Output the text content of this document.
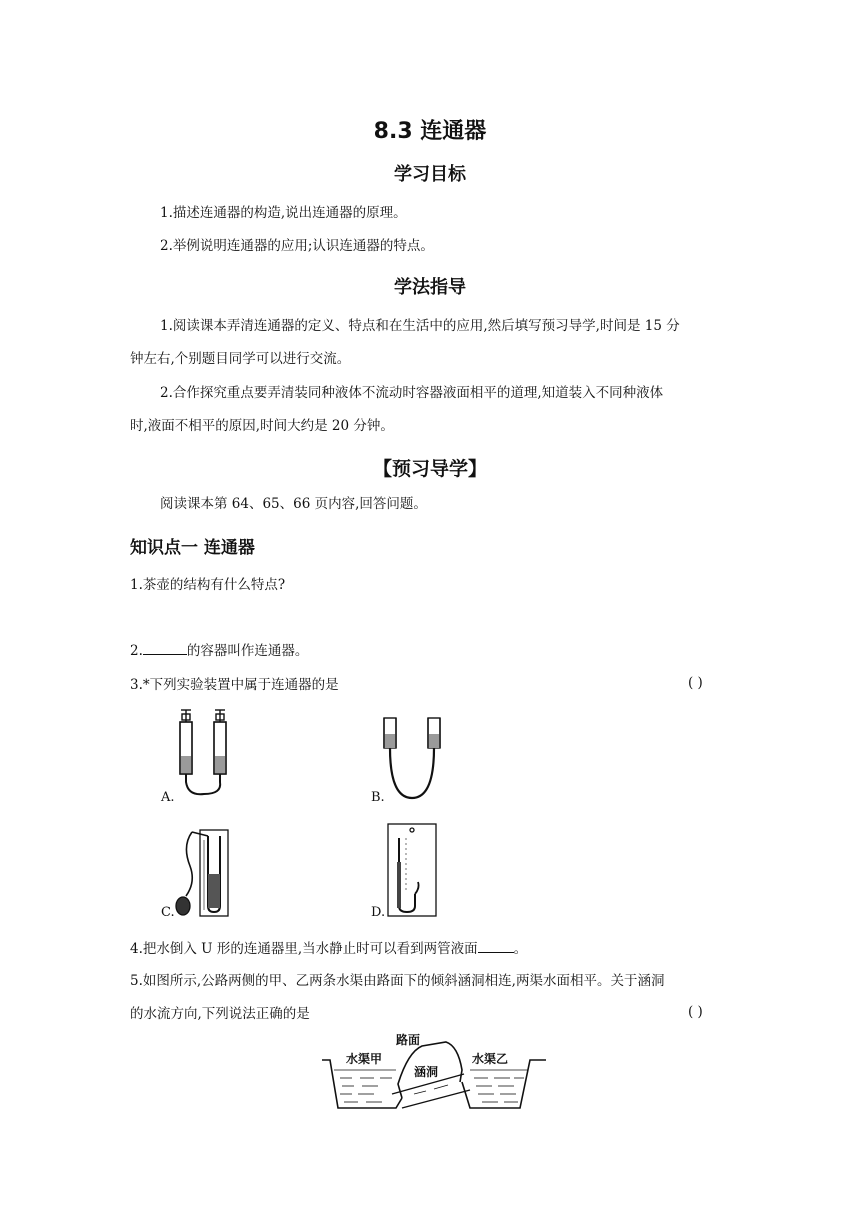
8.3 连通器
学习目标
1.描述连通器的构造,说出连通器的原理。
2.举例说明连通器的应用;认识连通器的特点。
学法指导
1.阅读课本弄清连通器的定义、特点和在生活中的应用,然后填写预习导学,时间是 15 分
钟左右,个别题目同学可以进行交流。
2.合作探究重点要弄清装同种液体不流动时容器液面相平的道理,知道装入不同种液体
时,液面不相平的原因,时间大约是 20 分钟。
【预习导学】
阅读课本第 64、65、66 页内容,回答问题。
知识点一 连通器
1.茶壶的结构有什么特点?
2.	的容器叫作连通器。
3.*下列实验装置中属于连通器的是	( )
A.	B.
C.	D.
4.把水倒入 U 形的连通器里,当水静止时可以看到两管液面	。
5.如图所示,公路两侧的甲、乙两条水渠由路面下的倾斜涵洞相连,两渠水面相平。关于涵洞
的水流方向,下列说法正确的是	( )
路面
水渠甲	水渠乙
涵洞
